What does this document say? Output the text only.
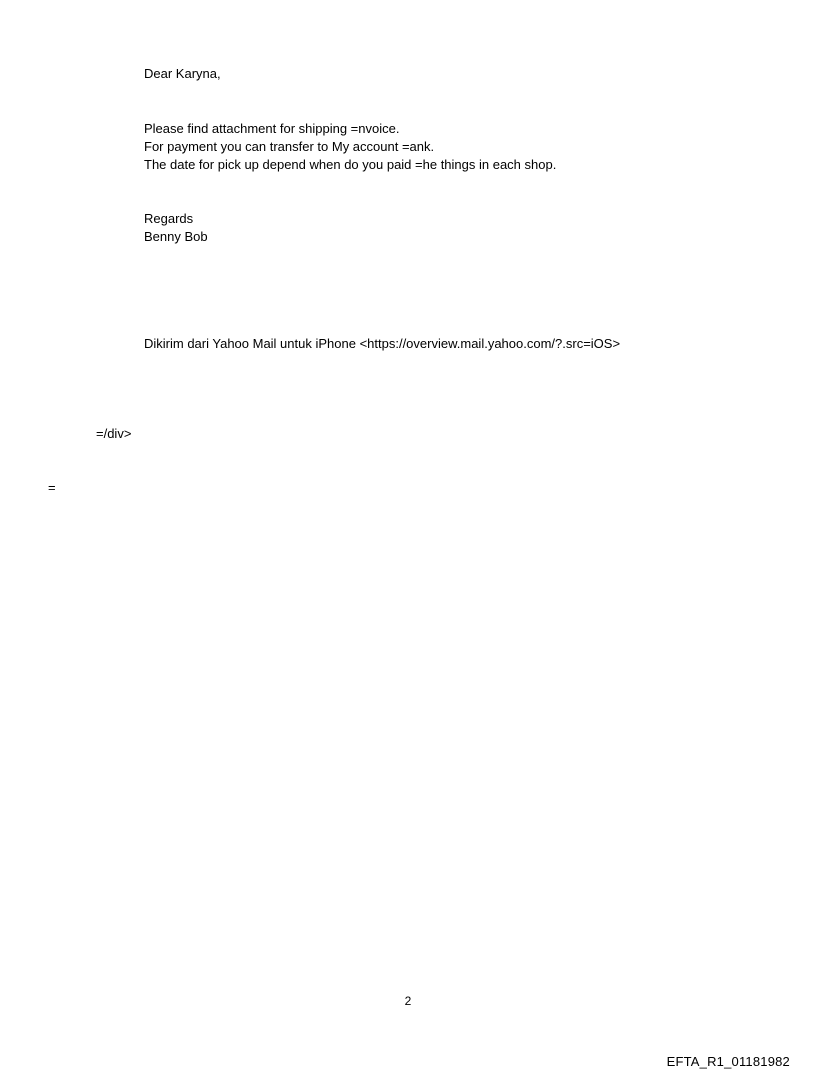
Dear Karyna,
Please find attachment for shipping =nvoice.
For payment you can transfer to My account =ank.
The date for pick up depend when do you paid =he things in each shop.
Regards
Benny Bob
Dikirim dari Yahoo Mail untuk iPhone <https://overview.mail.yahoo.com/?.src=iOS>
=/div>
=
2
EFTA_R1_01181982
